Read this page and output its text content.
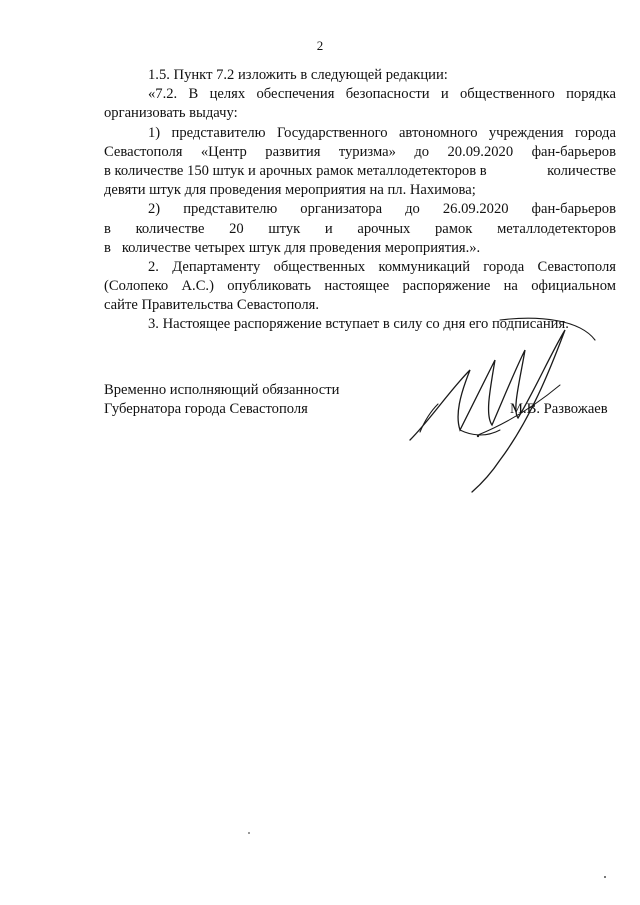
2
1.5. Пункт 7.2 изложить в следующей редакции:
«7.2. В целях обеспечения безопасности и общественного порядка
организовать выдачу:
1) представителю Государственного автономного учреждения города
Севастополя «Центр развития туризма» до 20.09.2020 фан-барьеров
в количестве 150 штук и арочных рамок металлодетекторов в	количестве
девяти штук для проведения мероприятия на пл. Нахимова;
2) представителю организатора до 26.09.2020 фан-барьеров
в количестве 20 штук и арочных рамок металлодетекторов
в   количестве четырех штук для проведения мероприятия.».
2. Департаменту общественных коммуникаций города Севастополя
(Солопеко А.С.) опубликовать настоящее распоряжение на официальном
сайте Правительства Севастополя.
3. Настоящее распоряжение вступает в силу со дня его подписания.
Временно исполняющий обязанности
Губернатора города Севастополя	М.В. Развожаев
